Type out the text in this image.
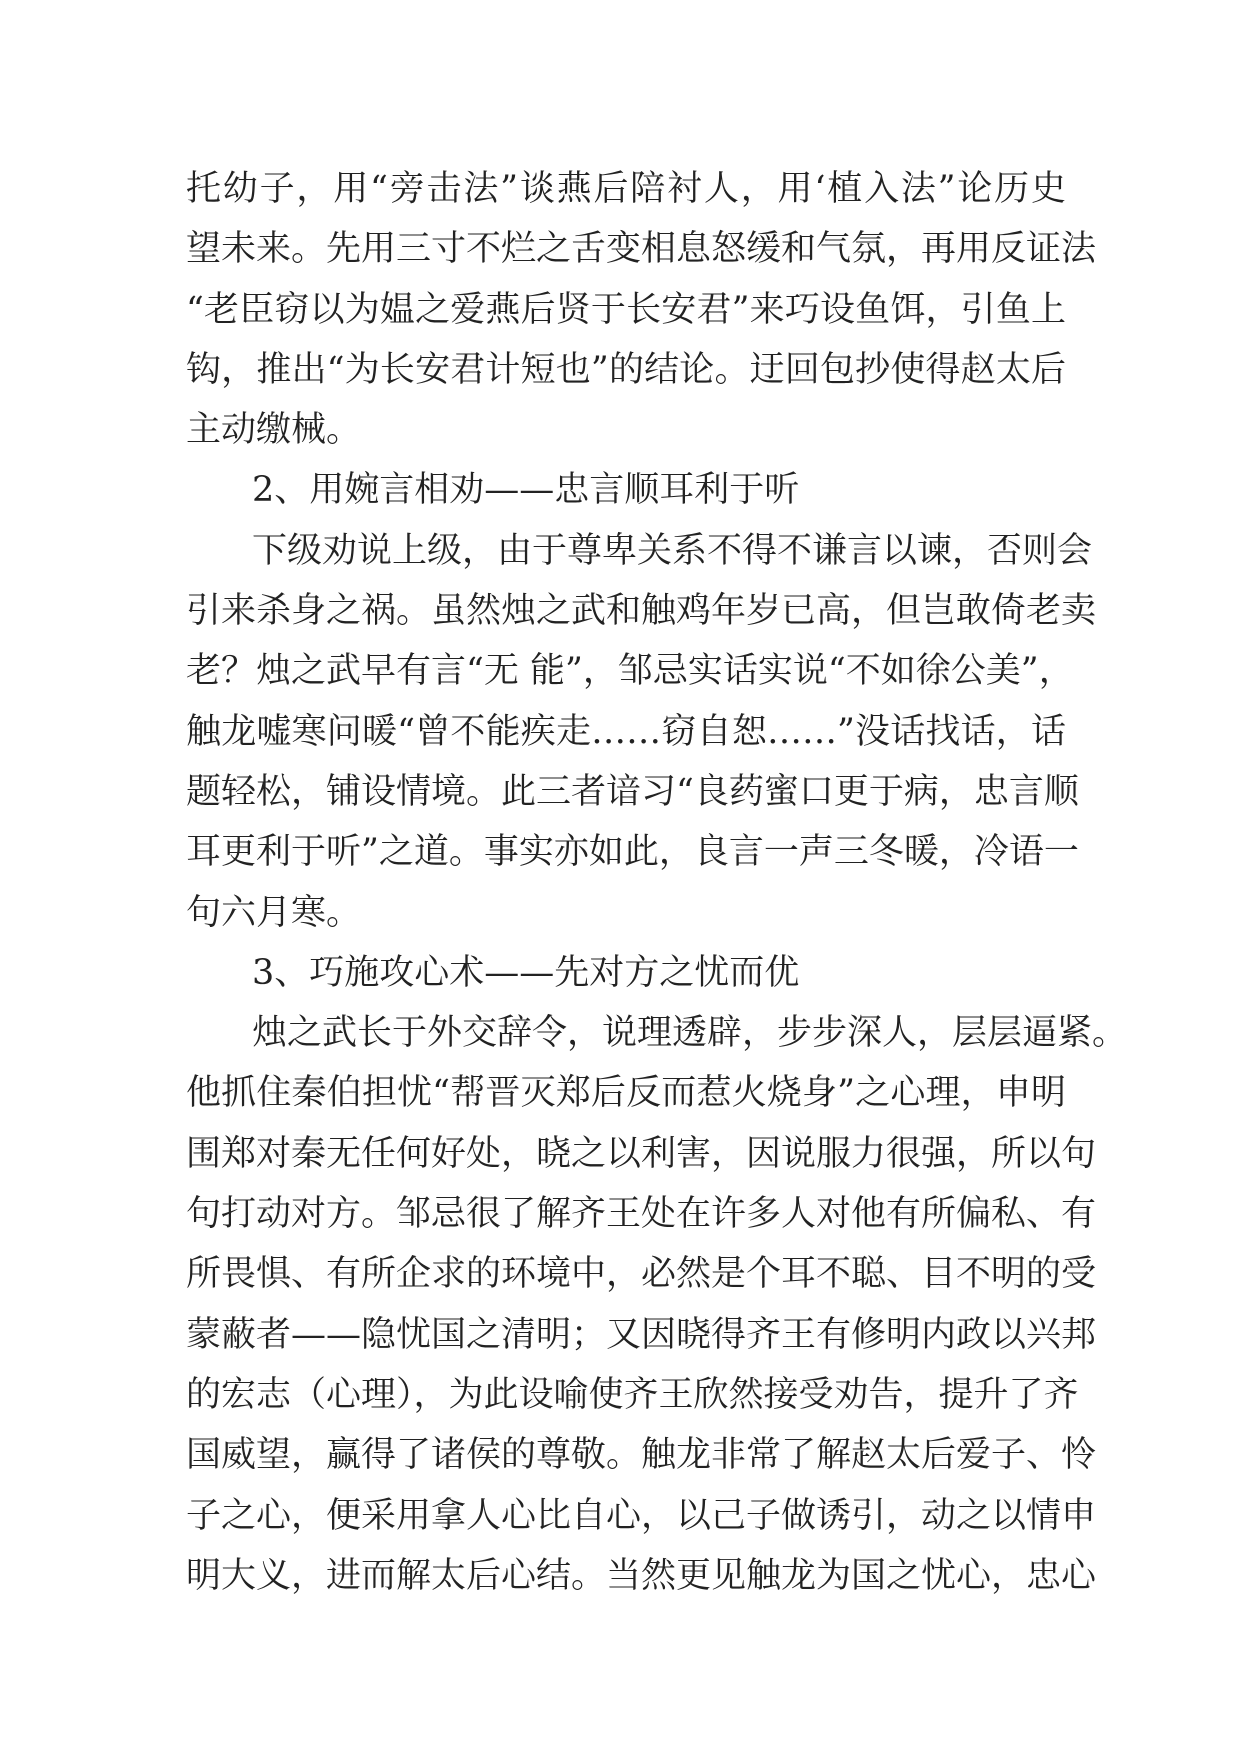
托幼子，用“旁击法”谈燕后陪衬人，用‘植入法”论历史
望未来。先用三寸不烂之舌变相息怒缓和气氛，再用反证法
“老臣窃以为媪之爱燕后贤于长安君”来巧设鱼饵，引鱼上
钩，推出“为长安君计短也”的结论。迂回包抄使得赵太后
主动缴械。
2、用婉言相劝——忠言顺耳利于听
下级劝说上级，由于尊卑关系不得不谦言以谏，否则会
引来杀身之祸。虽然烛之武和触鸡年岁已高，但岂敢倚老卖
老？烛之武早有言“无 能”，邹忌实话实说“不如徐公美”，
触龙嘘寒问暖“曾不能疾走……窃自恕……”没话找话，话
题轻松，铺设情境。此三者谙习“良药蜜口更于病，忠言顺
耳更利于听”之道。事实亦如此，良言一声三冬暖，冷语一
句六月寒。
3、巧施攻心术——先对方之忧而优
烛之武长于外交辞令，说理透辟，步步深人，层层逼紧。
他抓住秦伯担忧“帮晋灭郑后反而惹火烧身”之心理，申明
围郑对秦无任何好处，晓之以利害，因说服力很强，所以句
句打动对方。邹忌很了解齐王处在许多人对他有所偏私、有
所畏惧、有所企求的环境中，必然是个耳不聪、目不明的受
蒙蔽者——隐忧国之清明；又因晓得齐王有修明内政以兴邦
的宏志（心理），为此设喻使齐王欣然接受劝告，提升了齐
国威望，赢得了诸侯的尊敬。触龙非常了解赵太后爱子、怜
子之心，便采用拿人心比自心，以己子做诱引，动之以情申
明大义，进而解太后心结。当然更见触龙为国之忧心，忠心
